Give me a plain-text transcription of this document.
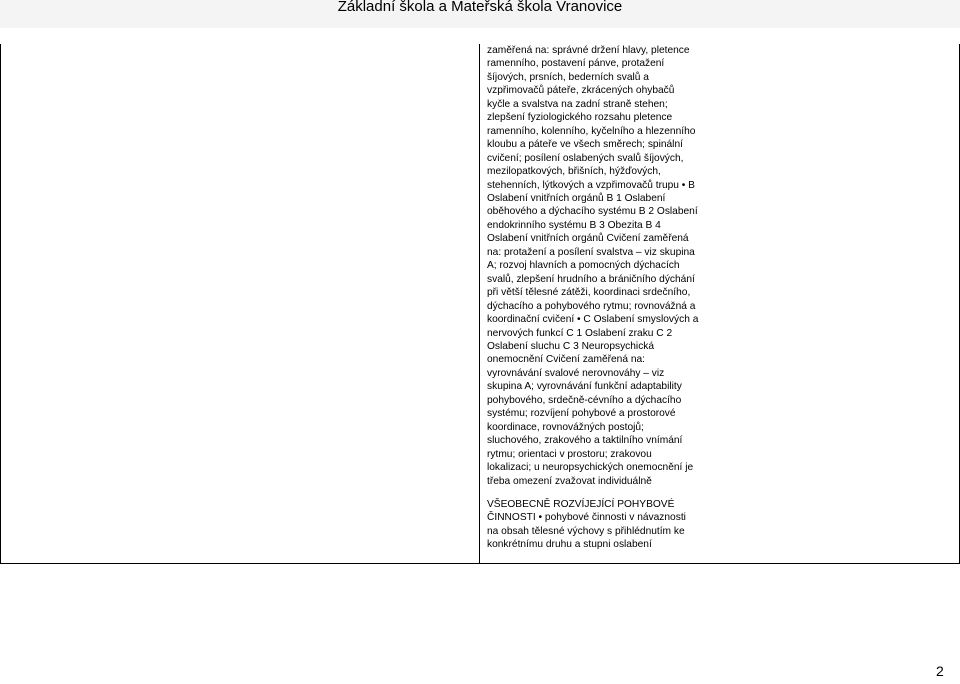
Základní škola a Mateřská škola Vranovice
zaměřená na: správné držení hlavy, pletence
ramenního, postavení pánve, protažení
šíjových, prsních, bederních svalů a
vzpřimovačů páteře, zkrácených ohybačů
kyčle a svalstva na zadní straně stehen;
zlepšení fyziologického rozsahu pletence
ramenního, kolenního, kyčelního a hlezenního
kloubu a páteře ve všech směrech; spinální
cvičení; posílení oslabených svalů šíjových,
mezilopatkových, břišních, hýžďových,
stehenních, lýtkových a vzpřimovačů trupu • B
Oslabení vnitřních orgánů B 1 Oslabení
oběhového a dýchacího systému B 2 Oslabení
endokrinního systému B 3 Obezita B 4
Oslabení vnitřních orgánů Cvičení zaměřená
na: protažení a posílení svalstva – viz skupina
A; rozvoj hlavních a pomocných dýchacích
svalů, zlepšení hrudního a bráničního dýchání
při větší tělesné zátěži, koordinaci srdečního,
dýchacího a pohybového rytmu; rovnovážná a
koordinační cvičení • C Oslabení smyslových a
nervových funkcí C 1 Oslabení zraku C 2
Oslabení sluchu C 3 Neuropsychická
onemocnění Cvičení zaměřená na:
vyrovnávání svalové nerovnováhy – viz
skupina A; vyrovnávání funkční adaptability
pohybového, srdečně-cévního a dýchacího
systému; rozvíjení pohybové a prostorové
koordinace, rovnovážných postojů;
sluchového, zrakového a taktilního vnímání
rytmu; orientaci v prostoru; zrakovou
lokalizaci; u neuropsychických onemocnění je
třeba omezení zvažovat individuálně
VŠEOBECNĚ ROZVÍJEJÍCÍ POHYBOVÉ
ČINNOSTI • pohybové činnosti v návaznosti
na obsah tělesné výchovy s přihlédnutím ke
konkrétnímu druhu a stupni oslabení
2
